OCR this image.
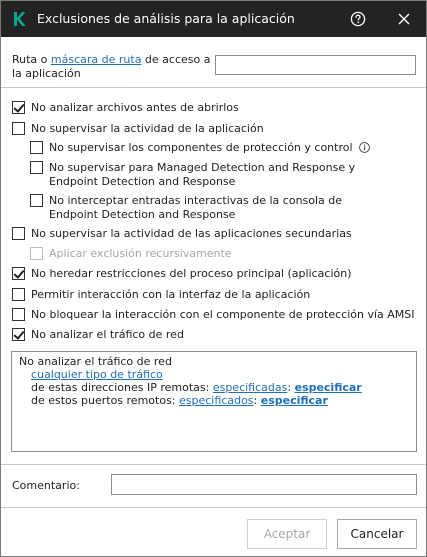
Exclusiones de análisis para la aplicación
Ruta o máscara de ruta de acceso a la aplicación
No analizar archivos antes de abrirlos
No supervisar la actividad de la aplicación
No supervisar los componentes de protección y control
No supervisar para Managed Detection and Response y Endpoint Detection and Response
No interceptar entradas interactivas de la consola de Endpoint Detection and Response
No supervisar la actividad de las aplicaciones secundarias
Aplicar exclusión recursivamente
No heredar restricciones del proceso principal (aplicación)
Permitir interacción con la interfaz de la aplicación
No bloquear la interacción con el componente de protección vía AMSI
No analizar el tráfico de red
No analizar el tráfico de red
cualquier tipo de tráfico
de estas direcciones IP remotas: especificadas: especificar
de estos puertos remotos: especificados: especificar
Comentario:
Aceptar	Cancelar
